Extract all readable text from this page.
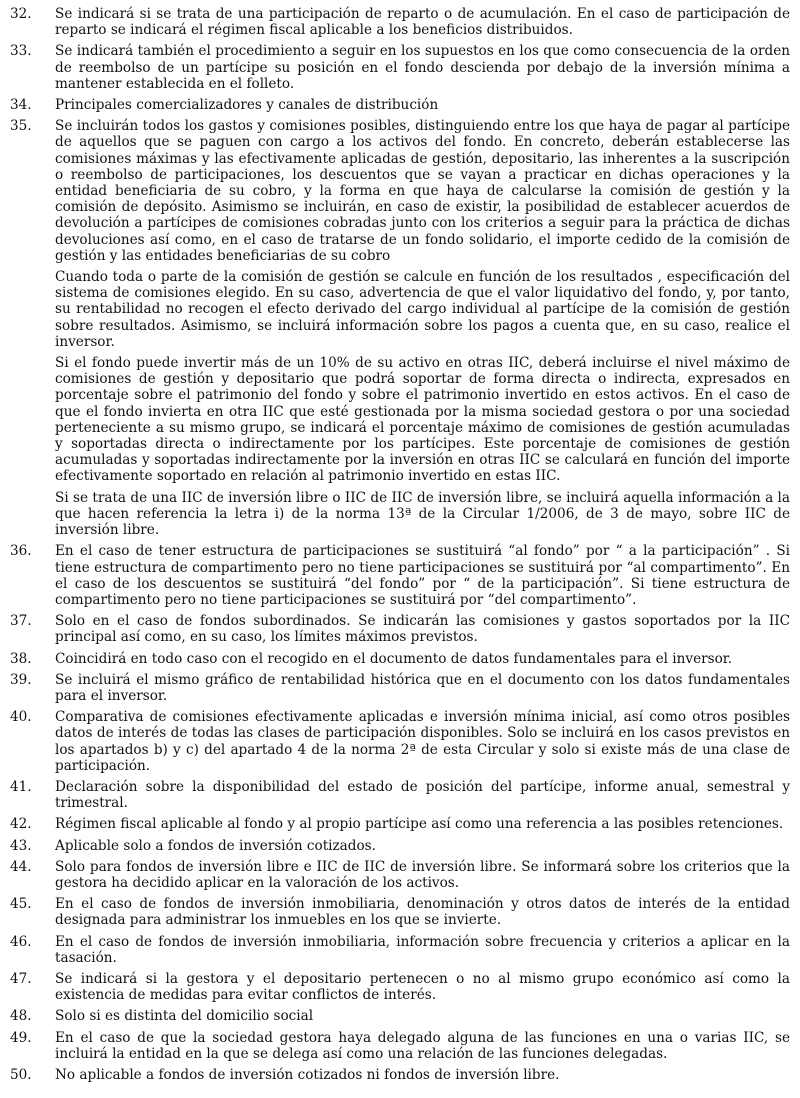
32.	Se indicará si se trata de una participación de reparto o de acumulación. En el caso de participación de reparto se indicará el régimen fiscal aplicable a los beneficios distribuidos.

33.	Se indicará también el procedimiento a seguir en los supuestos en los que como consecuencia de la orden de reembolso de un partícipe su posición en el fondo descienda por debajo de la inversión mínima a mantener establecida en el folleto.

34.	Principales comercializadores y canales de distribución

35.	Se incluirán todos los gastos y comisiones posibles, distinguiendo entre los que haya de pagar al partícipe de aquellos que se paguen con cargo a los activos del fondo. En concreto, deberán establecerse las comisiones máximas y las efectivamente aplicadas de gestión, depositario, las inherentes a la suscripción o reembolso de participaciones, los descuentos que se vayan a practicar en dichas operaciones y la entidad beneficiaria de su cobro, y la forma en que haya de calcularse la comisión de gestión y la comisión de depósito. Asimismo se incluirán, en caso de existir, la posibilidad de establecer acuerdos de devolución a partícipes de comisiones cobradas junto con los criterios a seguir para la práctica de dichas devoluciones así como, en el caso de tratarse de un fondo solidario, el importe cedido de la comisión de gestión y las entidades beneficiarias de su cobro

Cuando toda o parte de la comisión de gestión se calcule en función de los resultados , especificación del sistema de comisiones elegido. En su caso, advertencia de que el valor liquidativo del fondo, y, por tanto, su rentabilidad no recogen el efecto derivado del cargo individual al partícipe de la comisión de gestión sobre resultados. Asimismo, se incluirá información sobre los pagos a cuenta que, en su caso, realice el inversor.

Si el fondo puede invertir más de un 10% de su activo en otras IIC, deberá incluirse el nivel máximo de comisiones de gestión y depositario que podrá soportar de forma directa o indirecta, expresados en porcentaje sobre el patrimonio del fondo y sobre el patrimonio invertido en estos activos. En el caso de que el fondo invierta en otra IIC que esté gestionada por la misma sociedad gestora o por una sociedad perteneciente a su mismo grupo, se indicará el porcentaje máximo de comisiones de gestión acumuladas y soportadas directa o indirectamente por los partícipes. Este porcentaje de comisiones de gestión acumuladas y soportadas indirectamente por la inversión en otras IIC se calculará en función del importe efectivamente soportado en relación al patrimonio invertido en estas IIC.

Si se trata de una IIC de inversión libre o IIC de IIC de inversión libre, se incluirá aquella información a la que hacen referencia la letra i) de la norma 13ª de la Circular 1/2006, de 3 de mayo, sobre IIC de inversión libre.

36.	En el caso de tener estructura de participaciones se sustituirá “al fondo” por “ a la participación” . Si tiene estructura de compartimento pero no tiene participaciones se sustituirá por “al compartimento”. En el caso de los descuentos se sustituirá “del fondo” por “ de la participación”. Si tiene estructura de compartimento pero no tiene participaciones se sustituirá por “del compartimento”.

37.	Solo en el caso de fondos subordinados. Se indicarán las comisiones y gastos soportados por la IIC principal así como, en su caso, los límites máximos previstos.

38.	Coincidirá en todo caso con el recogido en el documento de datos fundamentales para el inversor.

39.	Se incluirá el mismo gráfico de rentabilidad histórica que en el documento con los datos fundamentales para el inversor.

40.	Comparativa de comisiones efectivamente aplicadas e inversión mínima inicial, así como otros posibles datos de interés de todas las clases de participación disponibles. Solo se incluirá en los casos previstos en los apartados b) y c) del apartado 4 de la norma 2ª de esta Circular y solo si existe más de una clase de participación.

41.	Declaración sobre la disponibilidad del estado de posición del partícipe, informe anual, semestral y trimestral.

42.	Régimen fiscal aplicable al fondo y al propio partícipe así como una referencia a las posibles retenciones.

43.	Aplicable solo a fondos de inversión cotizados.

44.	Solo para fondos de inversión libre e IIC de IIC de inversión libre. Se informará sobre los criterios que la gestora ha decidido aplicar en la valoración de los activos.

45.	En el caso de fondos de inversión inmobiliaria, denominación y otros datos de interés de la entidad designada para administrar los inmuebles en los que se invierte.

46.	En el caso de fondos de inversión inmobiliaria, información sobre frecuencia y criterios a aplicar en la tasación.

47.	Se indicará si la gestora y el depositario pertenecen o no al mismo grupo económico así como la existencia de medidas para evitar conflictos de interés.

48.	Solo si es distinta del domicilio social

49.	En el caso de que la sociedad gestora haya delegado alguna de las funciones en una o varias IIC, se incluirá la entidad en la que se delega así como una relación de las funciones delegadas.

50.	No aplicable a fondos de inversión cotizados ni fondos de inversión libre.
